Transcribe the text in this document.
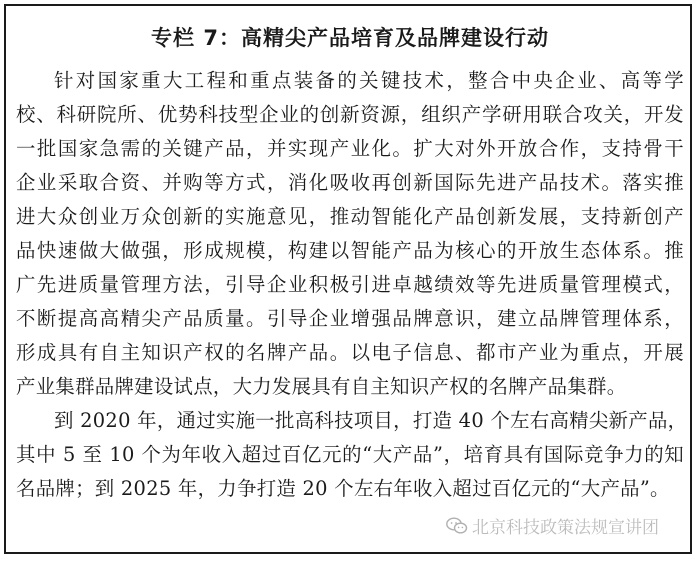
专栏 7：高精尖产品培育及品牌建设行动
针对国家重大工程和重点装备的关键技术，整合中央企业、高等学
校、科研院所、优势科技型企业的创新资源，组织产学研用联合攻关，开发
一批国家急需的关键产品，并实现产业化。扩大对外开放合作，支持骨干
企业采取合资、并购等方式，消化吸收再创新国际先进产品技术。落实推
进大众创业万众创新的实施意见，推动智能化产品创新发展，支持新创产
品快速做大做强，形成规模，构建以智能产品为核心的开放生态体系。推
广先进质量管理方法，引导企业积极引进卓越绩效等先进质量管理模式，
不断提高高精尖产品质量。引导企业增强品牌意识，建立品牌管理体系，
形成具有自主知识产权的名牌产品。以电子信息、都市产业为重点，开展
产业集群品牌建设试点，大力发展具有自主知识产权的名牌产品集群。
到 2020 年，通过实施一批高科技项目，打造 40 个左右高精尖新产品，
其中 5 至 10 个为年收入超过百亿元的“大产品”，培育具有国际竞争力的知
名品牌；到 2025 年，力争打造 20 个左右年收入超过百亿元的“大产品”。
北京科技政策法规宣讲团
